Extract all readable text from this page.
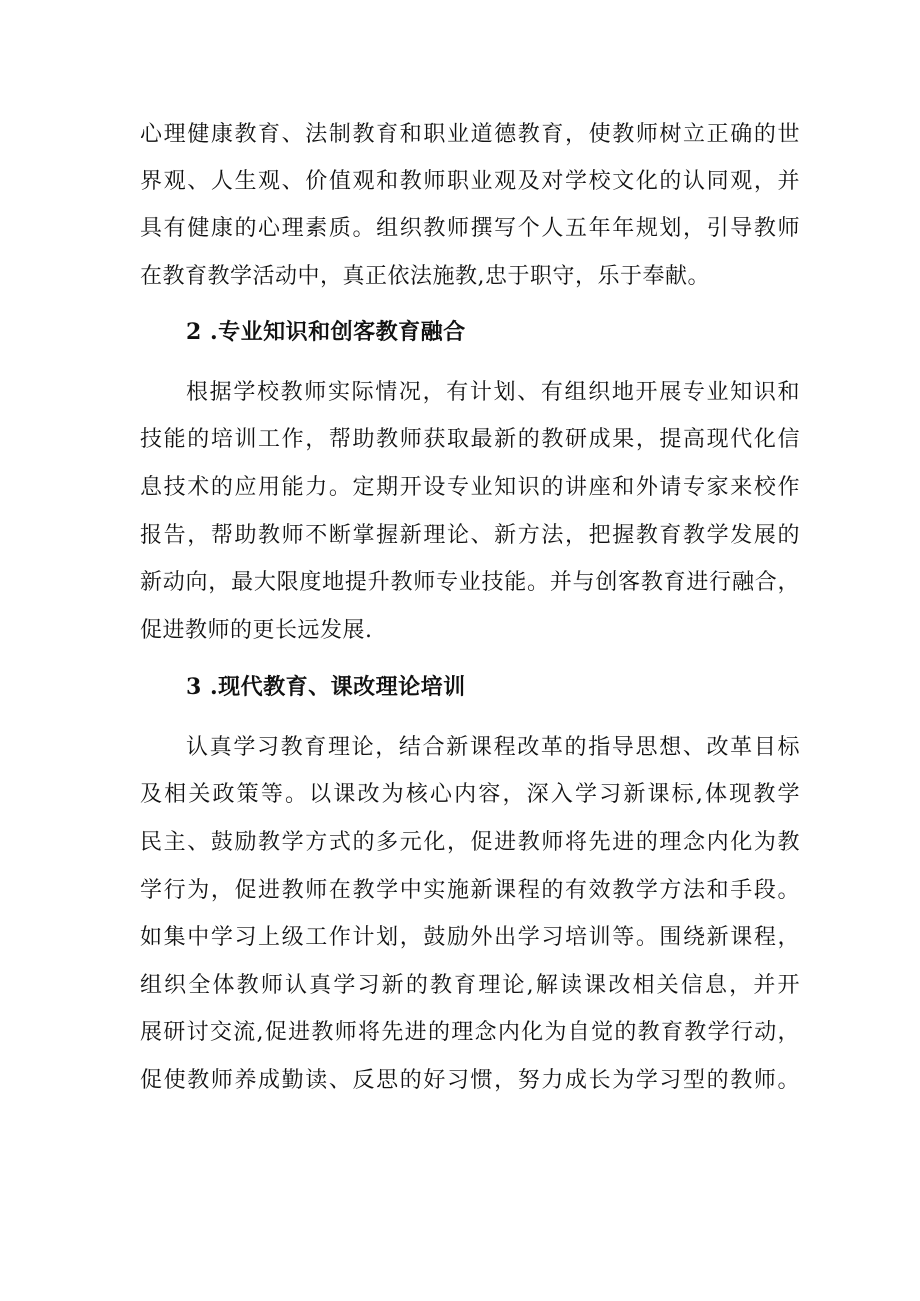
心理健康教育、法制教育和职业道德教育，使教师树立正确的世
界观、人生观、价值观和教师职业观及对学校文化的认同观，并
具有健康的心理素质。组织教师撰写个人五年年规划，引导教师
在教育教学活动中，真正依法施教,忠于职守，乐于奉献。
2 .专业知识和创客教育融合
根据学校教师实际情况，有计划、有组织地开展专业知识和
技能的培训工作，帮助教师获取最新的教研成果，提高现代化信
息技术的应用能力。定期开设专业知识的讲座和外请专家来校作
报告，帮助教师不断掌握新理论、新方法，把握教育教学发展的
新动向，最大限度地提升教师专业技能。并与创客教育进行融合，
促进教师的更长远发展.
3 .现代教育、课改理论培训
认真学习教育理论，结合新课程改革的指导思想、改革目标
及相关政策等。以课改为核心内容，深入学习新课标,体现教学
民主、鼓励教学方式的多元化，促进教师将先进的理念内化为教
学行为，促进教师在教学中实施新课程的有效教学方法和手段。
如集中学习上级工作计划，鼓励外出学习培训等。围绕新课程，
组织全体教师认真学习新的教育理论,解读课改相关信息，并开
展研讨交流,促进教师将先进的理念内化为自觉的教育教学行动，
促使教师养成勤读、反思的好习惯，努力成长为学习型的教师。
